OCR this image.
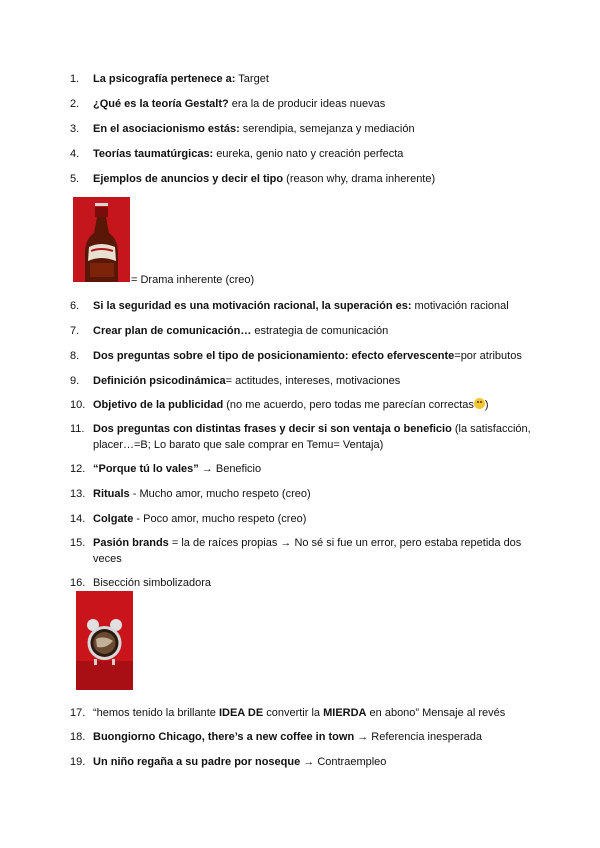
1.	La psicografía pertenece a: Target
2.	¿Qué es la teoría Gestalt? era la de producir ideas nuevas
3.	En el asociacionismo estás: serendipia, semejanza y mediación
4.	Teorías taumatúrgicas: eureka, genio nato y creación perfecta
5.	Ejemplos de anuncios y decir el tipo (reason why, drama inherente)
= Drama inherente (creo)
6.	Si la seguridad es una motivación racional, la superación es: motivación racional
7.	Crear plan de comunicación… estrategia de comunicación
8.	Dos preguntas sobre el tipo de posicionamiento: efecto efervescente=por atributos
9.	Definición psicodinámica= actitudes, intereses, motivaciones
10. Objetivo de la publicidad (no me acuerdo, pero todas me parecían correctas )
11. Dos preguntas con distintas frases y decir si son ventaja o beneficio (la satisfacción, placer…=B; Lo barato que sale comprar en Temu= Ventaja)
12. “Porque tú lo vales” → Beneficio
13. Rituals - Mucho amor, mucho respeto (creo)
14. Colgate - Poco amor, mucho respeto (creo)
15. Pasión brands = la de raíces propias → No sé si fue un error, pero estaba repetida dos veces
16. Bisección simbolizadora
17. “hemos tenido la brillante IDEA DE convertir la MIERDA en abono” Mensaje al revés
18. Buongiorno Chicago, there’s a new coffee in town → Referencia inesperada
19. Un niño regaña a su padre por noseque → Contraempleo
